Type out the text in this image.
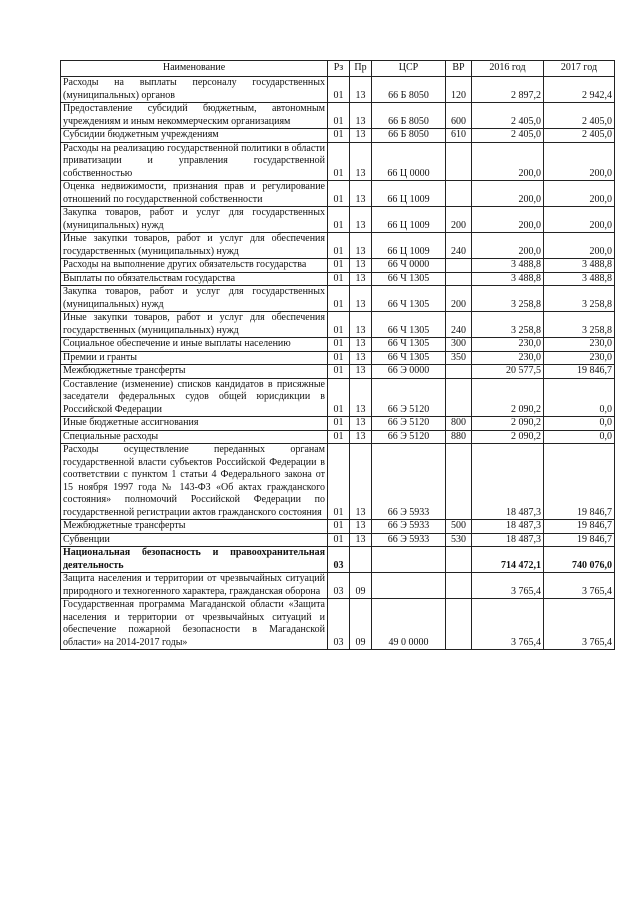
Наименование	Рз	Пр	ЦСР	ВР	2016 год	2017 год
Расходы на выплаты персоналу государственных (муниципальных) органов	01	13	66 Б 8050	120	2 897,2	2 942,4
Предоставление субсидий бюджетным, автономным учреждениям и иным некоммерческим организациям	01	13	66 Б 8050	600	2 405,0	2 405,0
Субсидии бюджетным учреждениям	01	13	66 Б 8050	610	2 405,0	2 405,0
Расходы на реализацию государственной политики в области приватизации и управления государственной собственностью	01	13	66 Ц 0000		200,0	200,0
Оценка недвижимости, признания прав и регулирование отношений по государственной собственности	01	13	66 Ц 1009		200,0	200,0
Закупка товаров, работ и услуг для государственных (муниципальных) нужд	01	13	66 Ц 1009	200	200,0	200,0
Иные закупки товаров, работ и услуг для обеспечения государственных (муниципальных) нужд	01	13	66 Ц 1009	240	200,0	200,0
Расходы на выполнение других обязательств государства	01	13	66 Ч 0000		3 488,8	3 488,8
Выплаты по обязательствам государства	01	13	66 Ч 1305		3 488,8	3 488,8
Закупка товаров, работ и услуг для государственных (муниципальных) нужд	01	13	66 Ч 1305	200	3 258,8	3 258,8
Иные закупки товаров, работ и услуг для обеспечения государственных (муниципальных) нужд	01	13	66 Ч 1305	240	3 258,8	3 258,8
Социальное обеспечение и иные выплаты населению	01	13	66 Ч 1305	300	230,0	230,0
Премии и гранты	01	13	66 Ч 1305	350	230,0	230,0
Межбюджетные трансферты	01	13	66 Э 0000		20 577,5	19 846,7
Составление (изменение) списков кандидатов в присяжные заседатели федеральных судов общей юрисдикции в Российской Федерации	01	13	66 Э 5120		2 090,2	0,0
Иные бюджетные ассигнования	01	13	66 Э 5120	800	2 090,2	0,0
Специальные расходы	01	13	66 Э 5120	880	2 090,2	0,0
Расходы осуществление переданных органам государственной власти субъектов Российской Федерации в соответствии с пунктом 1 статьи 4 Федерального закона от 15 ноября 1997 года № 143-ФЗ «Об актах гражданского состояния» полномочий Российской Федерации по государственной регистрации актов гражданского состояния	01	13	66 Э 5933		18 487,3	19 846,7
Межбюджетные трансферты	01	13	66 Э 5933	500	18 487,3	19 846,7
Субвенции	01	13	66 Э 5933	530	18 487,3	19 846,7
Национальная безопасность и правоохранительная деятельность	03				714 472,1	740 076,0
Защита населения и территории от чрезвычайных ситуаций природного и техногенного характера, гражданская оборона	03	09			3 765,4	3 765,4
Государственная программа Магаданской области «Защита населения и территории от чрезвычайных ситуаций и обеспечение пожарной безопасности в Магаданской области» на 2014-2017 годы»	03	09	49 0 0000		3 765,4	3 765,4
